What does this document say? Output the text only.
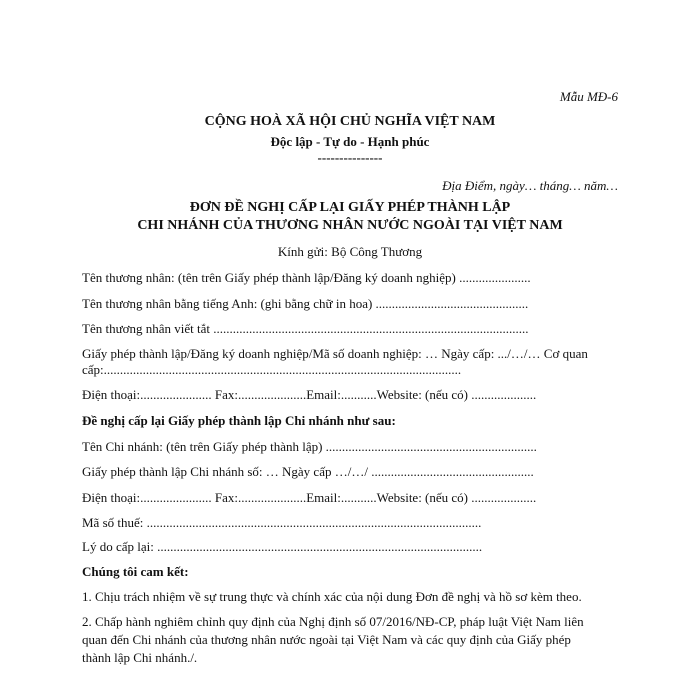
Mẫu MĐ-6
CỘNG HOÀ XÃ HỘI CHỦ NGHĨA VIỆT NAM
Độc lập - Tự do - Hạnh phúc
---------------
Địa Điểm, ngày… tháng… năm…
ĐƠN ĐỀ NGHỊ CẤP LẠI GIẤY PHÉP THÀNH LẬP
CHI NHÁNH CỦA THƯƠNG NHÂN NƯỚC NGOÀI TẠI VIỆT NAM
Kính gửi: Bộ Công Thương
Tên thương nhân: (tên trên Giấy phép thành lập/Đăng ký doanh nghiệp) ......................
Tên thương nhân bằng tiếng Anh: (ghi bằng chữ in hoa) ...............................................
Tên thương nhân viết tắt .................................................................................................
Giấy phép thành lập/Đăng ký doanh nghiệp/Mã số doanh nghiệp: … Ngày cấp: .../…/… Cơ quan
cấp:..............................................................................................................
Điện thoại:...................... Fax:.....................Email:...........Website: (nếu có) ....................
Đề nghị cấp lại Giấy phép thành lập Chi nhánh như sau:
Tên Chi nhánh: (tên trên Giấy phép thành lập) .................................................................
Giấy phép thành lập Chi nhánh số: … Ngày cấp …/…/ ..................................................
Điện thoại:...................... Fax:.....................Email:...........Website: (nếu có) ....................
Mã số thuế: .......................................................................................................
Lý do cấp lại: ....................................................................................................
Chúng tôi cam kết:
1. Chịu trách nhiệm về sự trung thực và chính xác của nội dung Đơn đề nghị và hồ sơ kèm theo.
2. Chấp hành nghiêm chỉnh quy định của Nghị định số 07/2016/NĐ-CP, pháp luật Việt Nam liên
quan đến Chi nhánh của thương nhân nước ngoài tại Việt Nam và các quy định của Giấy phép
thành lập Chi nhánh./.
